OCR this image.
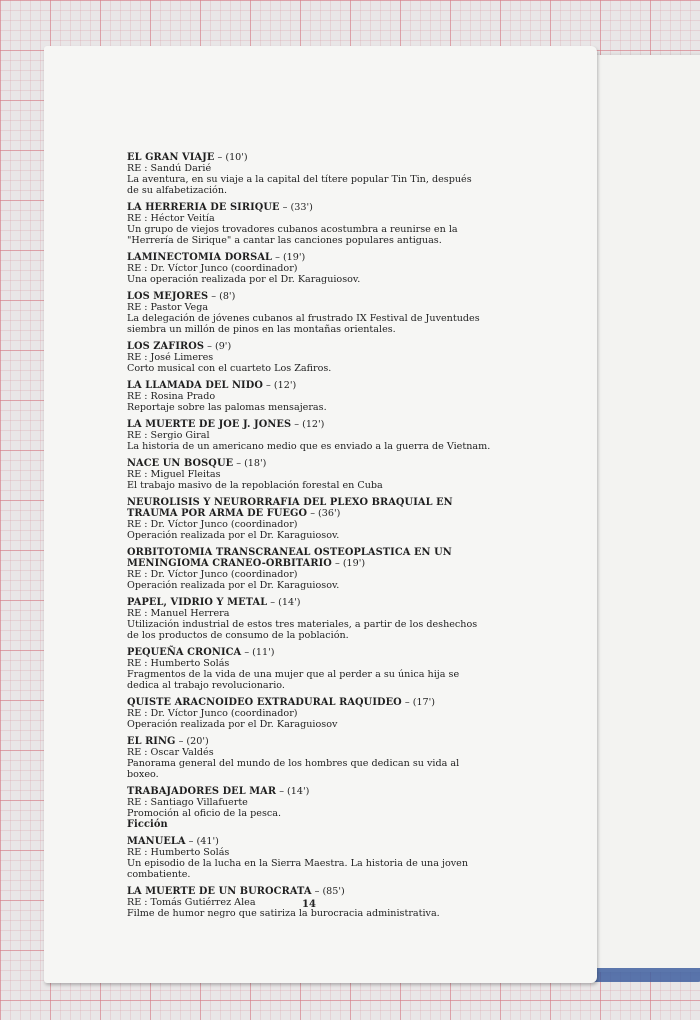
EL GRAN VIAJE – (10')
RE : Sandú Darié
La aventura, en su viaje a la capital del títere popular Tin Tin, después
de su alfabetización.
LA HERRERIA DE SIRIQUE – (33')
RE : Héctor Veitía
Un grupo de viejos trovadores cubanos acostumbra a reunirse en la
"Herrería de Sirique" a cantar las canciones populares antiguas.
LAMINECTOMIA DORSAL – (19')
RE : Dr. Víctor Junco (coordinador)
Una operación realizada por el Dr. Karaguiosov.
LOS MEJORES – (8')
RE : Pastor Vega
La delegación de jóvenes cubanos al frustrado IX Festival de Juventudes
siembra un millón de pinos en las montañas orientales.
LOS ZAFIROS – (9')
RE : José Limeres
Corto musical con el cuarteto Los Zafiros.
LA LLAMADA DEL NIDO – (12')
RE : Rosina Prado
Reportaje sobre las palomas mensajeras.
LA MUERTE DE JOE J. JONES – (12')
RE : Sergio Giral
La historia de un americano medio que es enviado a la guerra de Vietnam.
NACE UN BOSQUE – (18')
RE : Miguel Fleitas
El trabajo masivo de la repoblación forestal en Cuba
NEUROLISIS Y NEURORRAFIA DEL PLEXO BRAQUIAL EN TRAUMA POR ARMA DE FUEGO – (36')
RE : Dr. Víctor Junco (coordinador)
Operación realizada por el Dr. Karaguiosov.
ORBITOTOMIA TRANSCRANEAL OSTEOPLASTICA EN UN MENINGIOMA CRANEO-ORBITARIO – (19')
RE : Dr. Víctor Junco (coordinador)
Operación realizada por el Dr. Karaguiosov.
PAPEL, VIDRIO Y METAL – (14')
RE : Manuel Herrera
Utilización industrial de estos tres materiales, a partir de los deshechos
de los productos de consumo de la población.
PEQUEÑA CRONICA – (11')
RE : Humberto Solás
Fragmentos de la vida de una mujer que al perder a su única hija se
dedica al trabajo revolucionario.
QUISTE ARACNOIDEO EXTRADURAL RAQUIDEO – (17')
RE : Dr. Víctor Junco (coordinador)
Operación realizada por el Dr. Karaguiosov
EL RING – (20')
RE : Oscar Valdés
Panorama general del mundo de los hombres que dedican su vida al
boxeo.
TRABAJADORES DEL MAR – (14')
RE : Santiago Villafuerte
Promoción al oficio de la pesca.
Ficción
MANUELA – (41')
RE : Humberto Solás
Un episodio de la lucha en la Sierra Maestra. La historia de una joven
combatiente.
LA MUERTE DE UN BUROCRATA – (85')
RE : Tomás Gutiérrez Alea
Filme de humor negro que satiriza la burocracia administrativa.
14
